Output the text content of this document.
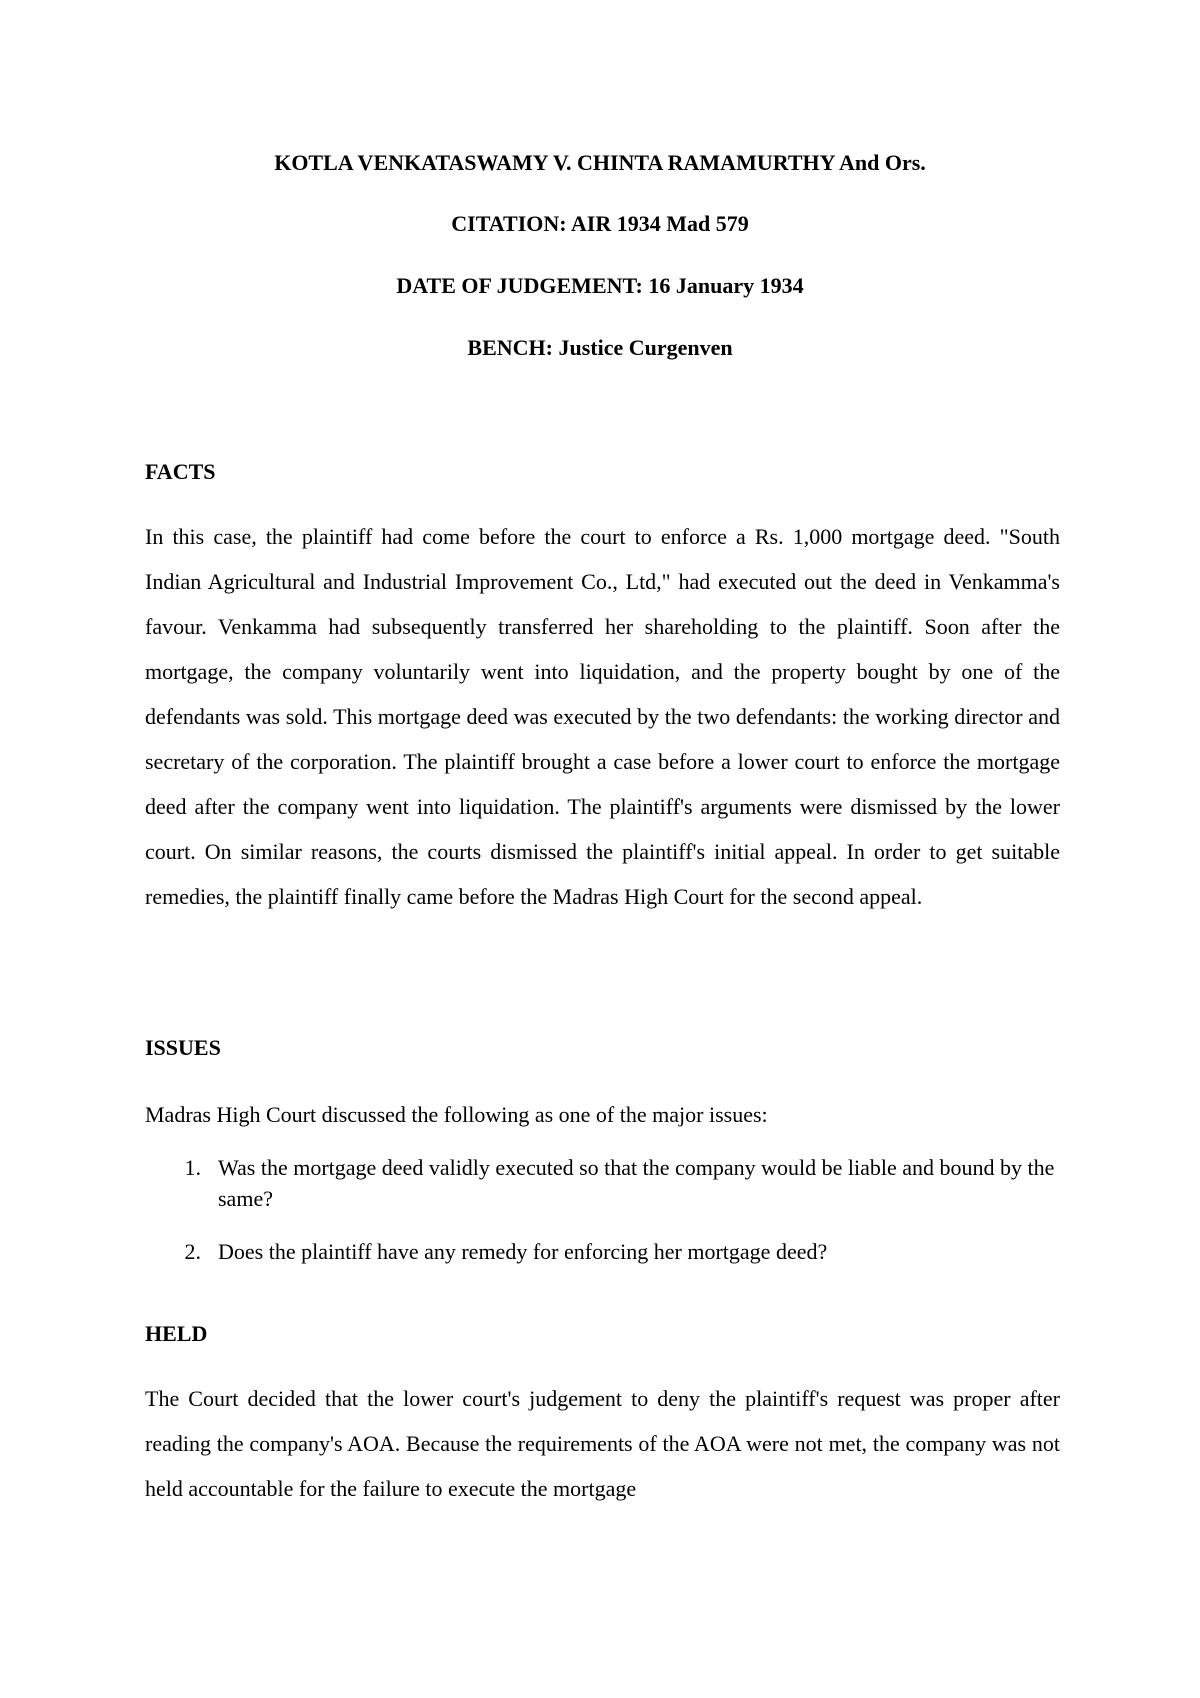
KOTLA VENKATASWAMY V. CHINTA RAMAMURTHY And Ors.
CITATION: AIR 1934 Mad 579
DATE OF JUDGEMENT: 16 January 1934
BENCH: Justice Curgenven
FACTS

In this case, the plaintiff had come before the court to enforce a Rs. 1,000 mortgage deed. "South Indian Agricultural and Industrial Improvement Co., Ltd," had executed out the deed in Venkamma's favour. Venkamma had subsequently transferred her shareholding to the plaintiff. Soon after the mortgage, the company voluntarily went into liquidation, and the property bought by one of the defendants was sold. This mortgage deed was executed by the two defendants: the working director and secretary of the corporation. The plaintiff brought a case before a lower court to enforce the mortgage deed after the company went into liquidation. The plaintiff's arguments were dismissed by the lower court. On similar reasons, the courts dismissed the plaintiff's initial appeal. In order to get suitable remedies, the plaintiff finally came before the Madras High Court for the second appeal.

ISSUES

Madras High Court discussed the following as one of the major issues:

1. Was the mortgage deed validly executed so that the company would be liable and bound by the same?
2. Does the plaintiff have any remedy for enforcing her mortgage deed?
HELD

The Court decided that the lower court's judgement to deny the plaintiff's request was proper after reading the company's AOA. Because the requirements of the AOA were not met, the company was not held accountable for the failure to execute the mortgage
